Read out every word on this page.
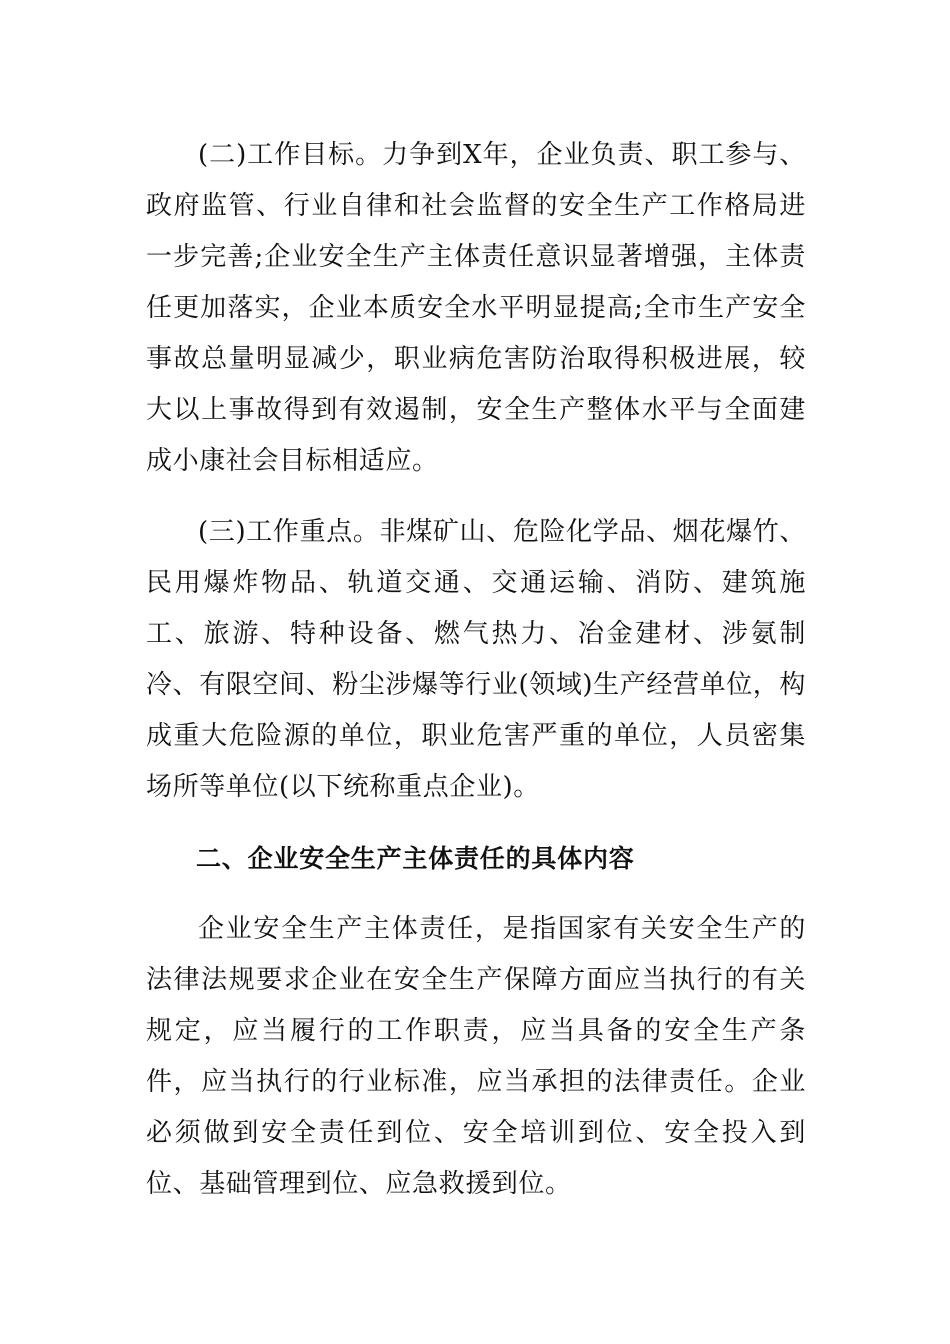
(二)工作目标。力争到X年，企业负责、职工参与、政府监管、行业自律和社会监督的安全生产工作格局进一步完善;企业安全生产主体责任意识显著增强，主体责任更加落实，企业本质安全水平明显提高;全市生产安全事故总量明显减少，职业病危害防治取得积极进展，较大以上事故得到有效遏制，安全生产整体水平与全面建成小康社会目标相适应。

(三)工作重点。非煤矿山、危险化学品、烟花爆竹、民用爆炸物品、轨道交通、交通运输、消防、建筑施工、旅游、特种设备、燃气热力、冶金建材、涉氨制冷、有限空间、粉尘涉爆等行业(领域)生产经营单位，构成重大危险源的单位，职业危害严重的单位，人员密集场所等单位(以下统称重点企业)。

二、企业安全生产主体责任的具体内容

企业安全生产主体责任，是指国家有关安全生产的法律法规要求企业在安全生产保障方面应当执行的有关规定，应当履行的工作职责，应当具备的安全生产条件，应当执行的行业标准，应当承担的法律责任。企业必须做到安全责任到位、安全培训到位、安全投入到位、基础管理到位、应急救援到位。
